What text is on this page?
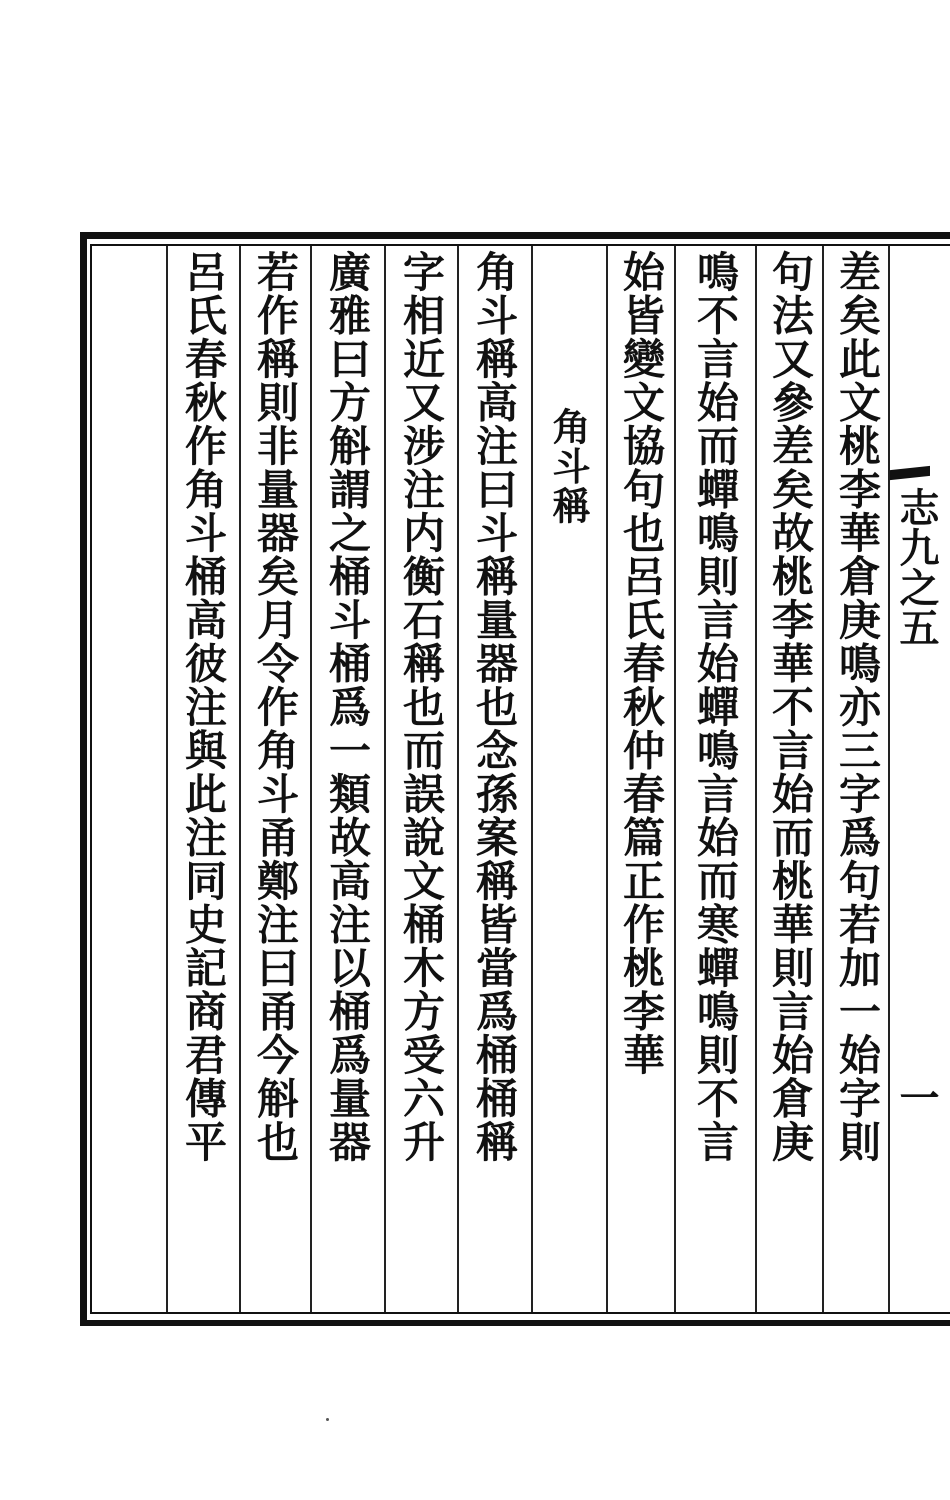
差矣此文桃李華倉庚鳴亦三字爲句若加一始字則
句法又參差矣故桃李華不言始而桃華則言始倉庚
鳴不言始而蟬鳴則言始蟬鳴言始而寒蟬鳴則不言
始皆變文協句也呂氏春秋仲春篇正作桃李華
角斗稱
角斗稱高注曰斗稱量器也念孫案稱皆當爲桶桶稱
字相近又涉注内衡石稱也而誤說文桶木方受六升
廣雅曰方斛謂之桶斗桶爲一類故高注以桶爲量器
若作稱則非量器矣月令作角斗甬鄭注曰甬今斛也
呂氏春秋作角斗桶高彼注與此注同史記商君傳平	志九之五
一
